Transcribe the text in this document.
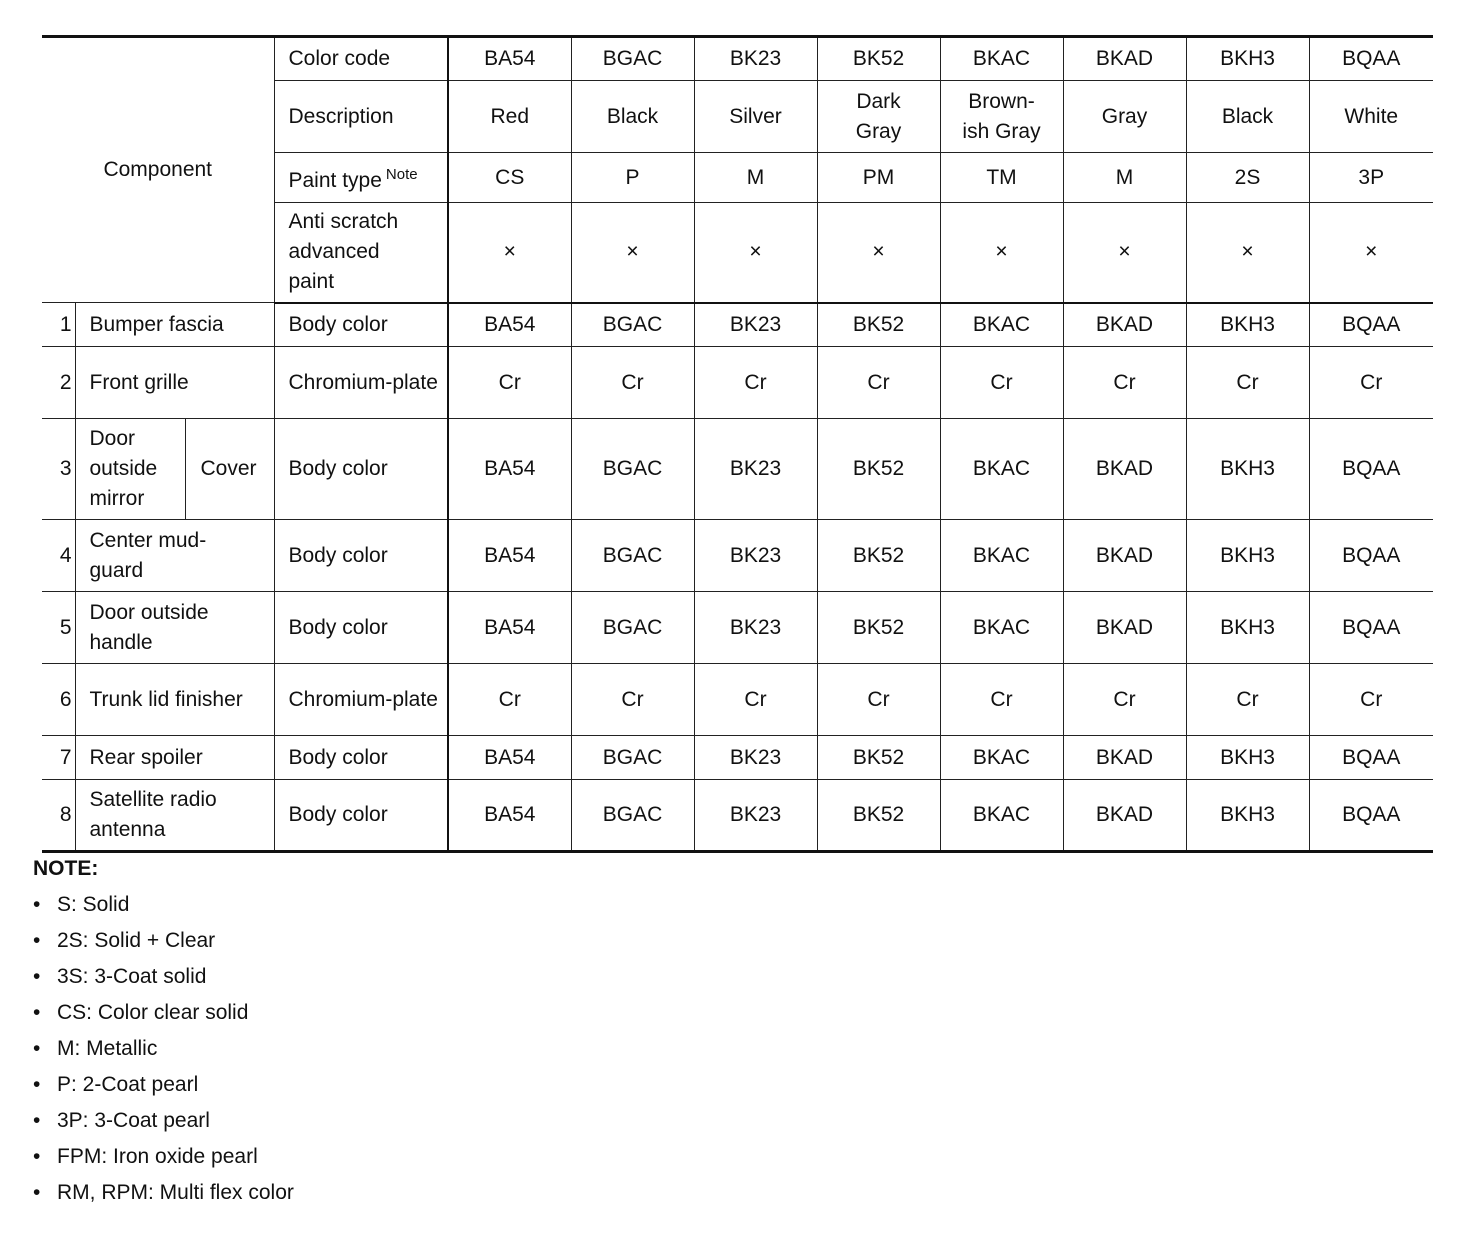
Component			Color code	BA54	BGAC	BK23	BK52	BKAC	BKAD	BKH3	BQAA
			Description	Red	Black	Silver	Dark Gray	Brown-ish Gray	Gray	Black	White
			Paint type $^{Note}$	CS	P	M	PM	TM	M	2S	3P
			Anti scratch advanced paint	×	×	×	×	×	×	×	×
1	Bumper fascia		Body color	BA54	BGAC	BK23	BK52	BKAC	BKAD	BKH3	BQAA
2	Front grille		Chromium-plate	Cr	Cr	Cr	Cr	Cr	Cr	Cr	Cr
3	Door outside mirror	Cover	Body color	BA54	BGAC	BK23	BK52	BKAC	BKAD	BKH3	BQAA
4	Center mud-guard		Body color	BA54	BGAC	BK23	BK52	BKAC	BKAD	BKH3	BQAA
5	Door outside handle		Body color	BA54	BGAC	BK23	BK52	BKAC	BKAD	BKH3	BQAA
6	Trunk lid finisher		Chromium-plate	Cr	Cr	Cr	Cr	Cr	Cr	Cr	Cr
7	Rear spoiler		Body color	BA54	BGAC	BK23	BK52	BKAC	BKAD	BKH3	BQAA
8	Satellite radio antenna		Body color	BA54	BGAC	BK23	BK52	BKAC	BKAD	BKH3	BQAA
NOTE:
• S: Solid
• 2S: Solid + Clear
• 3S: 3-Coat solid
• CS: Color clear solid
• M: Metallic
• P: 2-Coat pearl
• 3P: 3-Coat pearl
• FPM: Iron oxide pearl
• RM, RPM: Multi flex color
